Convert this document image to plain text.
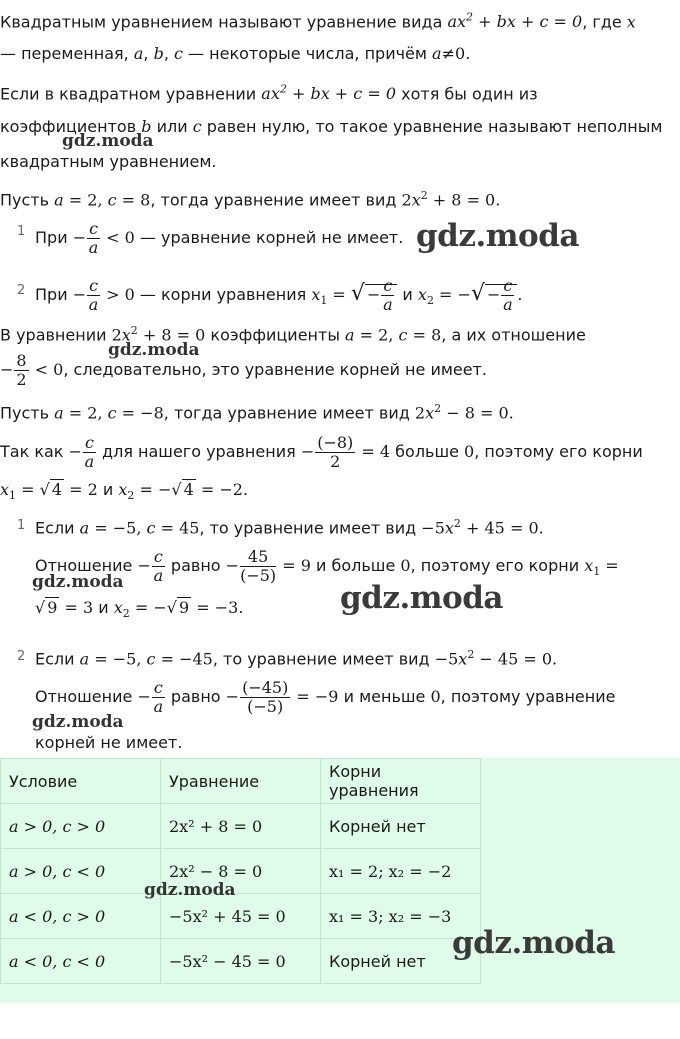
Квадратным уравнением называют уравнение вида $ax^2$ + bx + c = 0, где x
— переменная, a, b, c — некоторые числа, причём a≠0.
Если в квадратном уравнении $ax^2$ + bx + c = 0 хотя бы один из
коэффициентов b или c равен нулю, то такое уравнение называют неполным
квадратным уравнением.
Пусть a = 2, c = 8, тогда уравнение имеет вид $2x^2 + 8 = 0$.
1 При − $\frac{c}{a} < 0$ — уравнение корней не имеет.
2 При − $\frac{c}{a} > 0$ — корни уравнения $x_1$ = √ − $\frac{c}{a}$ и $x_2$ = −√ − $\frac{c}{a}$ .
В уравнении $2x^2 + 8 = 0$ коэффициенты a = 2, c = 8, а их отношение
− $\frac{8}{2} < 0$, следовательно, это уравнение корней не имеет.
Пусть a = 2, c = −8, тогда уравнение имеет вид $2x^2 - 8 = 0$.
Так как − $\frac{c}{a}$ для нашего уравнения − $\frac{(-8)}{2} = 4$ больше 0, поэтому его корни
$x_1$ = √ 4 = 2 и $x_2$ = −√ 4 = −2.
1 Если a = −5, c = 45, то уравнение имеет вид $-5x^2 + 45 = 0$.
Отношение − $\frac{c}{a}$ равно − $\frac{45}{(-5)} = 9$ и больше 0, поэтому его корни $x_1$ =
√ 9 = 3 и $x_2$ = −√ 9 = −3.
2 Если a = −5, c = −45, то уравнение имеет вид $-5x^2 - 45 = 0$.
Отношение − $\frac{c}{a}$ равно − $\frac{(-45)}{(-5)} = -9$ и меньше 0, поэтому уравнение
корней не имеет.
Условие	Уравнение	Корни уравнения
a > 0, c > 0	2x² + 8 = 0	Корней нет
a > 0, c < 0	2x² − 8 = 0	x₁ = 2; x₂ = −2
a < 0, c > 0	−5x² + 45 = 0	x₁ = 3; x₂ = −3
a < 0, c < 0	−5x² − 45 = 0	Корней нет
gdz.moda
gdz.moda
gdz.moda
gdz.moda	gdz.moda
gdz.moda
gdz.moda
gdz.moda
